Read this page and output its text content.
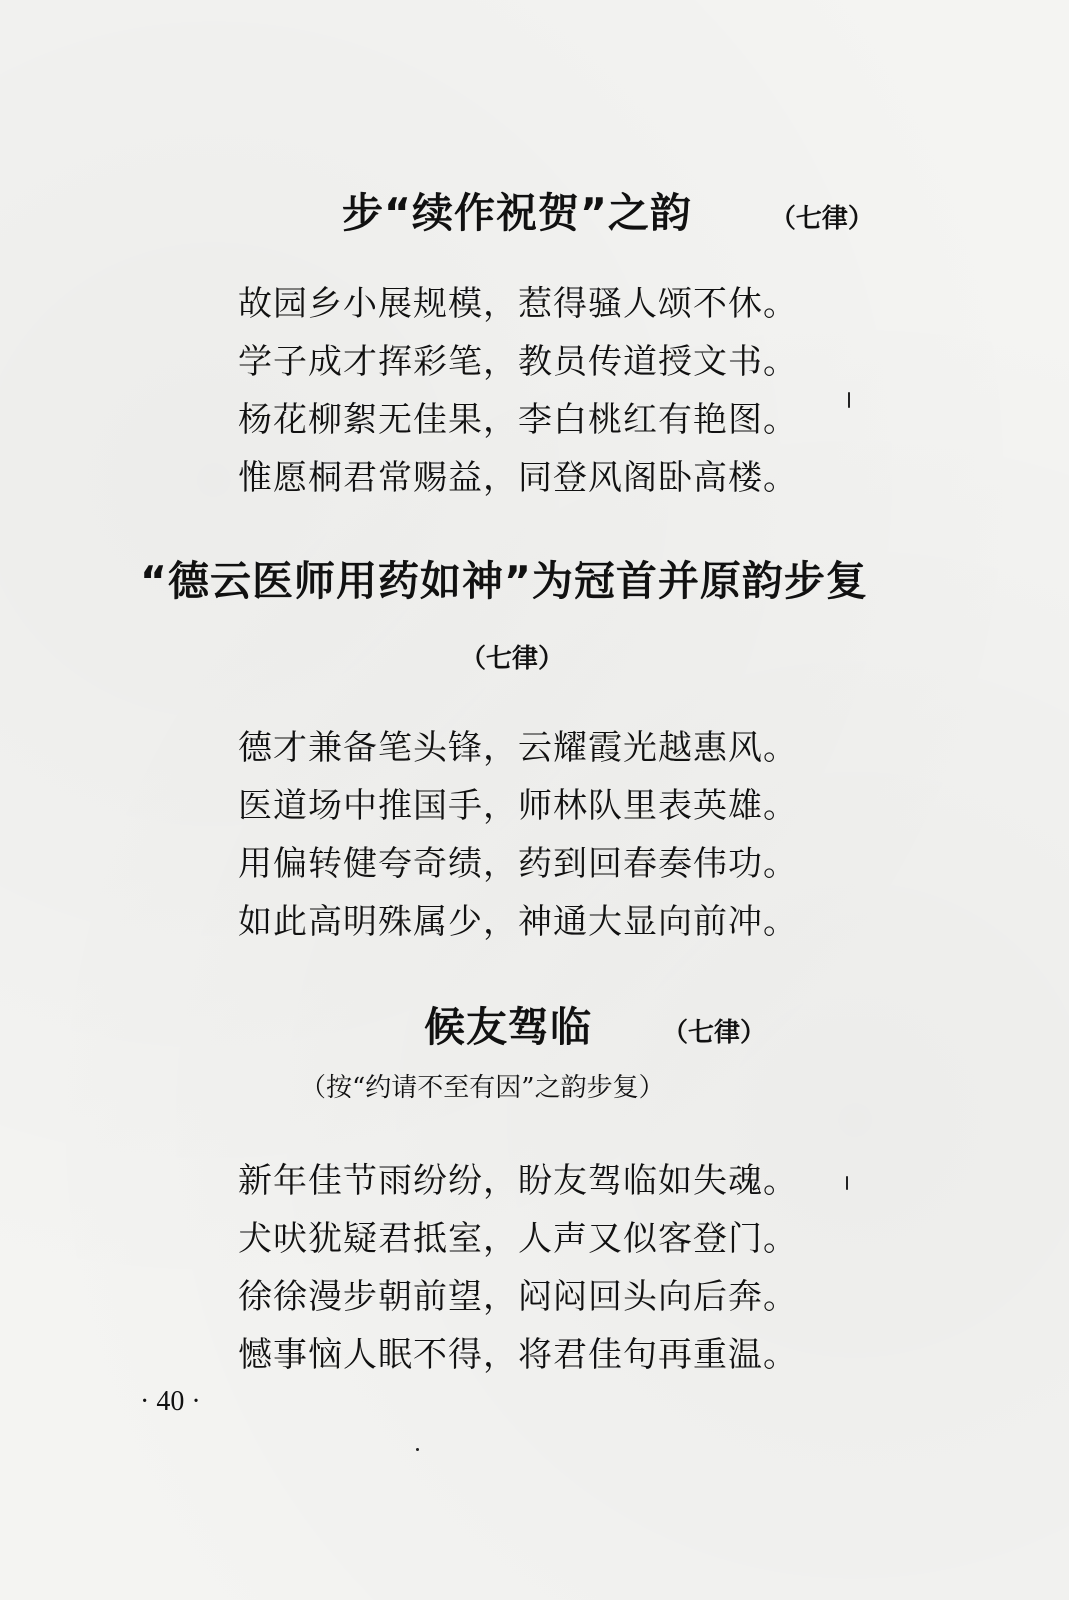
步“续作祝贺”之韵	（七律）
故园乡小展规模，惹得骚人颂不休。
学子成才挥彩笔，教员传道授文书。
杨花柳絮无佳果，李白桃红有艳图。
惟愿桐君常赐益，同登风阁卧高楼。
“德云医师用药如神”为冠首并原韵步复
（七律）
德才兼备笔头锋，云耀霞光越惠风。
医道场中推国手，师林队里表英雄。
用偏转健夸奇绩，药到回春奏伟功。
如此高明殊属少，神通大显向前冲。
候友驾临	（七律）
（按“约请不至有因”之韵步复）
新年佳节雨纷纷，盼友驾临如失魂。
犬吠犹疑君抵室，人声又似客登门。
徐徐漫步朝前望，闷闷回头向后奔。
憾事恼人眠不得，将君佳句再重温。
· 40 ·
